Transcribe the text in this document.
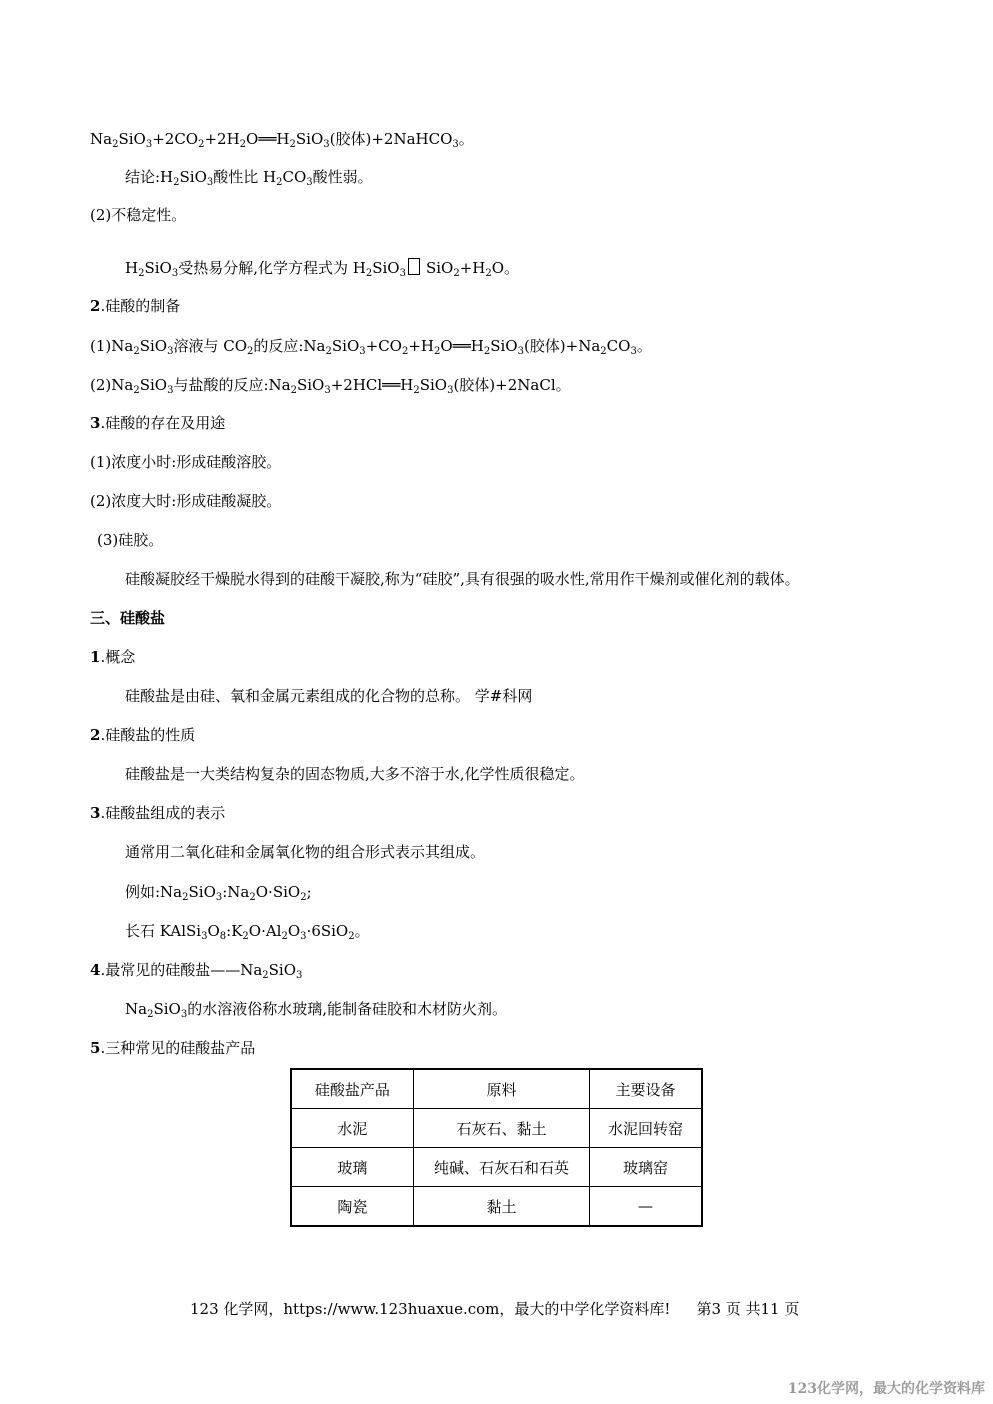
$Na_2SiO_3+2CO_2+2H_2O══H_2SiO_3$(胶体)+2NaHCO$_3$。
结论$:H_2SiO_3$酸性比 $H_2CO_3$酸性弱。
(2)不稳定性。
$H_2SiO_3$受热易分解,化学方程式为 $H_2SiO_3$ $SiO_2+H_2O$。
2.硅酸的制备
$(1)Na_2SiO_3$溶液与 $CO_2$的反应$:Na_2SiO_3+CO_2+H_2O══H_2SiO_3$(胶体)$+Na_2CO_3$。
$(2)Na_2SiO_3$与盐酸的反应$:Na_2SiO_3+2HCl══H_2SiO_3$(胶体)+2NaCl。
3.硅酸的存在及用途
(1)浓度小时:形成硅酸溶胶。
(2)浓度大时:形成硅酸凝胶。
(3)硅胶。
硅酸凝胶经干燥脱水得到的硅酸干凝胶,称为“硅胶”,具有很强的吸水性,常用作干燥剂或催化剂的载体。
三、硅酸盐
1.概念
硅酸盐是由硅、氧和金属元素组成的化合物的总称。 学#科网
2.硅酸盐的性质
硅酸盐是一大类结构复杂的固态物质,大多不溶于水,化学性质很稳定。
3.硅酸盐组成的表示
通常用二氧化硅和金属氧化物的组合形式表示其组成。
例如$:Na_2SiO_3:Na_2O\cdot SiO_2$;
长石 $KAlSi_3O_8:K_2O\cdot Al_2O_3\cdot 6SiO_2$。
4.最常见的硅酸盐$——Na_2SiO_3$
$Na_2SiO_3$的水溶液俗称水玻璃,能制备硅胶和木材防火剂。
5.三种常见的硅酸盐产品
硅酸盐产品	原料	主要设备
水泥	石灰石、黏土	水泥回转窑
玻璃	纯碱、石灰石和石英	玻璃窑
陶瓷	黏土	—
123 化学网，https://www.123huaxue.com，最大的中学化学资料库! 第3 页 共11 页
123化学网，最大的化学资料库
